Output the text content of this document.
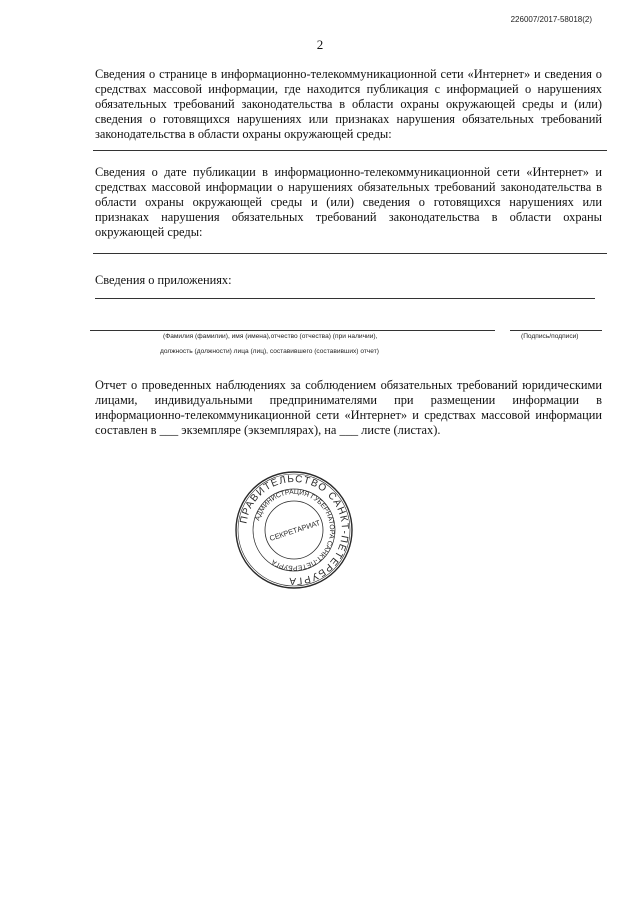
226007/2017-58018(2)
2
Сведения о странице в информационно-телекоммуникационной сети «Интернет» и сведения о средствах массовой информации, где находится публикация с информацией о нарушениях обязательных требований законодательства в области охраны окружающей среды и (или) сведения о готовящихся нарушениях или признаках нарушения обязательных требований законодательства в области охраны окружающей среды:
Сведения о дате публикации в информационно-телекоммуникационной сети «Интернет» и средствах массовой информации о нарушениях обязательных требований законодательства в области охраны окружающей среды и (или) сведения о готовящихся нарушениях или признаках нарушения обязательных требований законодательства в области охраны окружающей среды:
Сведения о приложениях:
(Фамилия (фамилии), имя (имена),отчество (отчества) (при наличии),	(Подпись/подписи)
должность (должности) лица (лиц), составившего (составивших) отчет)
Отчет о проведенных наблюдениях за соблюдением обязательных требований юридическими лицами, индивидуальными предпринимателями при размещении информации в информационно-телекоммуникационной сети «Интернет» и средствах массовой информации составлен в ___ экземпляре (экземплярах), на ___ листе (листах).
ПРАВИТЕЛЬСТВО САНКТ-ПЕТЕРБУРГА
АДМИНИСТРАЦИЯ ГУБЕРНАТОРА САНКТ-ПЕТЕРБУРГА
СЕКРЕТАРИАТ
